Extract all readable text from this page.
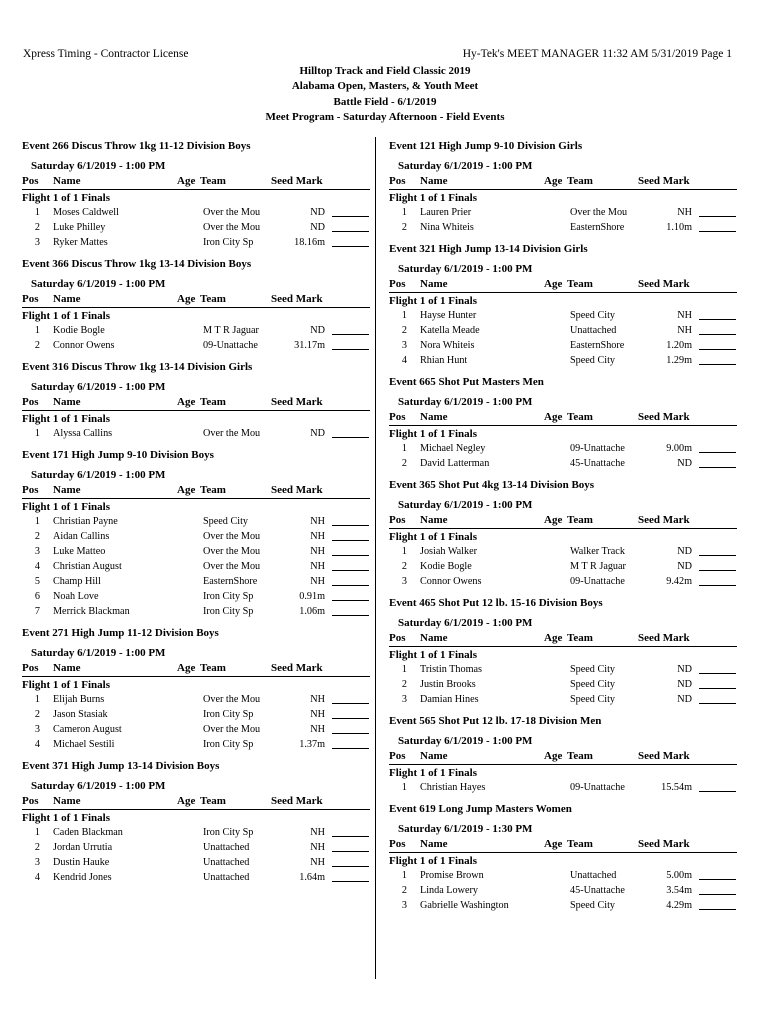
Xpress Timing - Contractor License	Hy-Tek's MEET MANAGER 11:32 AM 5/31/2019 Page 1
Hilltop Track and Field Classic 2019
Alabama Open, Masters, & Youth Meet
Battle Field - 6/1/2019
Meet Program - Saturday Afternoon - Field Events
Event 266 Discus Throw 1kg 11-12 Division Boys
Saturday 6/1/2019 - 1:00 PM
Pos Name	Age Team	Seed Mark
Flight 1 of 1 Finals
1 Moses Caldwell	Over the Mou	ND
2 Luke Philley	Over the Mou	ND
3 Ryker Mattes	Iron City Sp	18.16m
Event 366 Discus Throw 1kg 13-14 Division Boys
Saturday 6/1/2019 - 1:00 PM
Pos Name	Age Team	Seed Mark
Flight 1 of 1 Finals
1 Kodie Bogle	M T R Jaguar	ND
2 Connor Owens	09-Unattache	31.17m
Event 316 Discus Throw 1kg 13-14 Division Girls
Saturday 6/1/2019 - 1:00 PM
Pos Name	Age Team	Seed Mark
Flight 1 of 1 Finals
1 Alyssa Callins	Over the Mou	ND
Event 171 High Jump 9-10 Division Boys
Saturday 6/1/2019 - 1:00 PM
Pos Name	Age Team	Seed Mark
Flight 1 of 1 Finals
1 Christian Payne	Speed City	NH
2 Aidan Callins	Over the Mou	NH
3 Luke Matteo	Over the Mou	NH
4 Christian August	Over the Mou	NH
5 Champ Hill	EasternShore	NH
6 Noah Love	Iron City Sp	0.91m
7 Merrick Blackman	Iron City Sp	1.06m
Event 271 High Jump 11-12 Division Boys
Saturday 6/1/2019 - 1:00 PM
Pos Name	Age Team	Seed Mark
Flight 1 of 1 Finals
1 Elijah Burns	Over the Mou	NH
2 Jason Stasiak	Iron City Sp	NH
3 Cameron August	Over the Mou	NH
4 Michael Sestili	Iron City Sp	1.37m
Event 371 High Jump 13-14 Division Boys
Saturday 6/1/2019 - 1:00 PM
Pos Name	Age Team	Seed Mark
Flight 1 of 1 Finals
1 Caden Blackman	Iron City Sp	NH
2 Jordan Urrutia	Unattached	NH
3 Dustin Hauke	Unattached	NH
4 Kendrid Jones	Unattached	1.64m
Event 121 High Jump 9-10 Division Girls
Saturday 6/1/2019 - 1:00 PM
Pos Name	Age Team	Seed Mark
Flight 1 of 1 Finals
1 Lauren Prier	Over the Mou	NH
2 Nina Whiteis	EasternShore	1.10m
Event 321 High Jump 13-14 Division Girls
Saturday 6/1/2019 - 1:00 PM
Pos Name	Age Team	Seed Mark
Flight 1 of 1 Finals
1 Hayse Hunter	Speed City	NH
2 Katella Meade	Unattached	NH
3 Nora Whiteis	EasternShore	1.20m
4 Rhian Hunt	Speed City	1.29m
Event 665 Shot Put Masters Men
Saturday 6/1/2019 - 1:00 PM
Pos Name	Age Team	Seed Mark
Flight 1 of 1 Finals
1 Michael Negley	09-Unattache	9.00m
2 David Latterman	45-Unattache	ND
Event 365 Shot Put 4kg 13-14 Division Boys
Saturday 6/1/2019 - 1:00 PM
Pos Name	Age Team	Seed Mark
Flight 1 of 1 Finals
1 Josiah Walker	Walker Track	ND
2 Kodie Bogle	M T R Jaguar	ND
3 Connor Owens	09-Unattache	9.42m
Event 465 Shot Put 12 lb. 15-16 Division Boys
Saturday 6/1/2019 - 1:00 PM
Pos Name	Age Team	Seed Mark
Flight 1 of 1 Finals
1 Tristin Thomas	Speed City	ND
2 Justin Brooks	Speed City	ND
3 Damian Hines	Speed City	ND
Event 565 Shot Put 12 lb. 17-18 Division Men
Saturday 6/1/2019 - 1:00 PM
Pos Name	Age Team	Seed Mark
Flight 1 of 1 Finals
1 Christian Hayes	09-Unattache	15.54m
Event 619 Long Jump Masters Women
Saturday 6/1/2019 - 1:30 PM
Pos Name	Age Team	Seed Mark
Flight 1 of 1 Finals
1 Promise Brown	Unattached	5.00m
2 Linda Lowery	45-Unattache	3.54m
3 Gabrielle Washington	Speed City	4.29m
